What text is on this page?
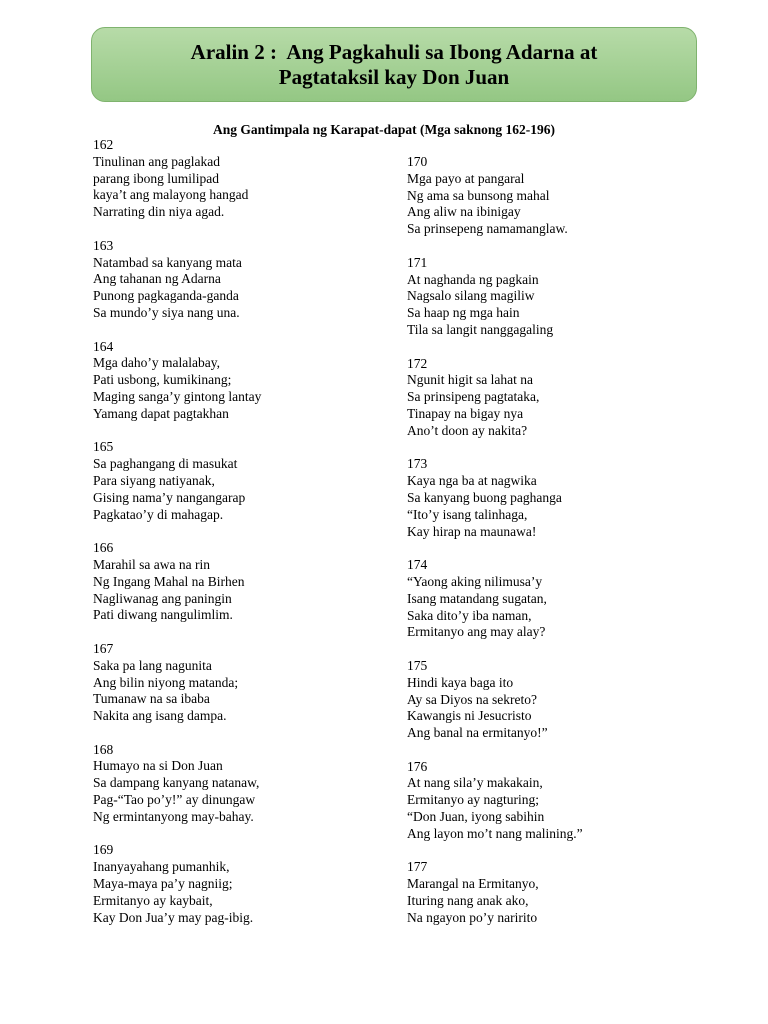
Aralin 2 :  Ang Pagkahuli sa Ibong Adarna at
Pagtataksil kay Don Juan
Ang Gantimpala ng Karapat-dapat (Mga saknong 162-196)
162
Tinulinan ang paglakad
parang ibong lumilipad
kaya’t ang malayong hangad
Narrating din niya agad.
163
Natambad sa kanyang mata
Ang tahanan ng Adarna
Punong pagkaganda-ganda
Sa mundo’y siya nang una.
164
Mga daho’y malalabay,
Pati usbong, kumikinang;
Maging sanga’y gintong lantay
Yamang dapat pagtakhan
165
Sa paghangang di masukat
Para siyang natiyanak,
Gising nama’y nangangarap
Pagkatao’y di mahagap.
166
Marahil sa awa na rin
Ng Ingang Mahal na Birhen
Nagliwanag ang paningin
Pati diwang nangulimlim.
167
Saka pa lang nagunita
Ang bilin niyong matanda;
Tumanaw na sa ibaba
Nakita ang isang dampa.
168
Humayo na si Don Juan
Sa dampang kanyang natanaw,
Pag-“Tao po’y!” ay dinungaw
Ng ermintanyong may-bahay.
169
Inanyayahang pumanhik,
Maya-maya pa’y nagniig;
Ermitanyo ay kaybait,
Kay Don Jua’y may pag-ibig.
170
Mga payo at pangaral
Ng ama sa bunsong mahal
Ang aliw na ibinigay
Sa prinsepeng namamanglaw.
171
At naghanda ng pagkain
Nagsalo silang magiliw
Sa haap ng mga hain
Tila sa langit nanggagaling
172
Ngunit higit sa lahat na
Sa prinsipeng pagtataka,
Tinapay na bigay nya
Ano’t doon ay nakita?
173
Kaya nga ba at nagwika
Sa kanyang buong paghanga
“Ito’y isang talinhaga,
Kay hirap na maunawa!
174
“Yaong aking nilimusa’y
Isang matandang sugatan,
Saka dito’y iba naman,
Ermitanyo ang may alay?
175
Hindi kaya baga ito
Ay sa Diyos na sekreto?
Kawangis ni Jesucristo
Ang banal na ermitanyo!”
176
At nang sila’y makakain,
Ermitanyo ay nagturing;
“Don Juan, iyong sabihin
Ang layon mo’t nang malining.”
177
Marangal na Ermitanyo,
Ituring nang anak ako,
Na ngayon po’y naririto
